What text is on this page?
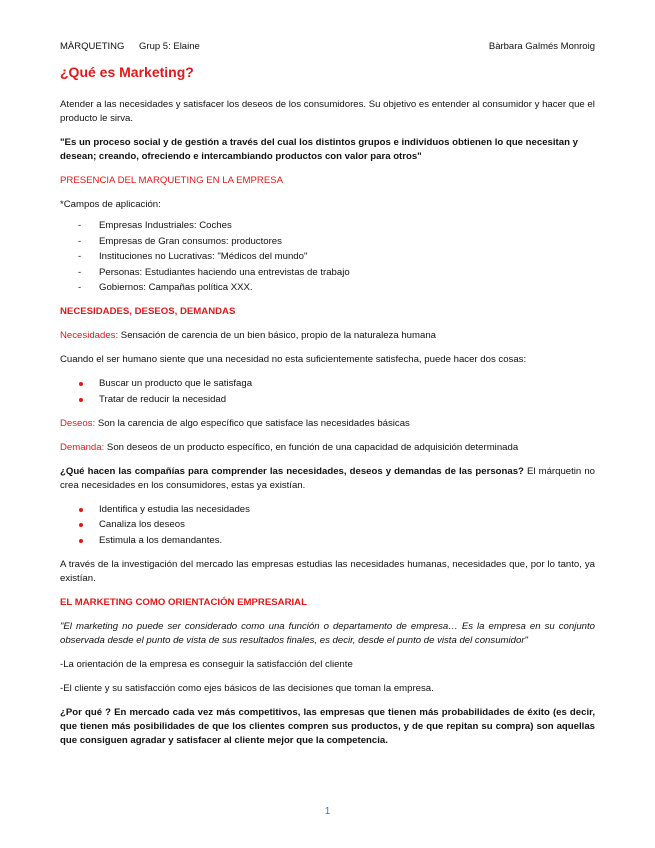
MÀRQUETING Grup 5: Elaine	Bàrbara Galmés Monroig
¿Qué es Marketing?

Atender a las necesidades y satisfacer los deseos de los consumidores. Su objetivo es entender al consumidor y hacer que el producto le sirva.

"Es un proceso social y de gestión a través del cual los distintos grupos e individuos obtienen lo que necesitan y desean; creando, ofreciendo e intercambiando productos con valor para otros"

PRESENCIA DEL MARQUETING EN LA EMPRESA

*Campos de aplicación:

- Empresas Industriales: Coches
- Empresas de Gran consumos: productores
- Instituciones no Lucrativas: "Médicos del mundo"
- Personas: Estudiantes haciendo una entrevistas de trabajo
- Gobiernos: Campañas política XXX.

NECESIDADES, DESEOS, DEMANDAS

Necesidades: Sensación de carencia de un bien básico, propio de la naturaleza humana

Cuando el ser humano siente que una necesidad no esta suficientemente satisfecha, puede hacer dos cosas:

Buscar un producto que le satisfaga
Tratar de reducir la necesidad

Deseos: Son la carencia de algo específico que satisface las necesidades básicas

Demanda: Son deseos de un producto específico, en función de una capacidad de adquisición determinada

¿Qué hacen las compañías para comprender las necesidades, deseos y demandas de las personas? El márquetin no crea necesidades en los consumidores, estas ya existían.

Identifica y estudia las necesidades
Canaliza los deseos
Estimula a los demandantes.

A través de la investigación del mercado las empresas estudias las necesidades humanas, necesidades que, por lo tanto, ya existían.

EL MARKETING COMO ORIENTACIÓN EMPRESARIAL

"El marketing no puede ser considerado como una función o departamento de empresa… Es la empresa en su conjunto observada desde el punto de vista de sus resultados finales, es decir, desde el punto de vista del consumidor"

-La orientación de la empresa es conseguir la satisfacción del cliente

-El cliente y su satisfacción como ejes básicos de las decisiones que toman la empresa.

¿Por qué ? En mercado cada vez más competitivos, las empresas que tienen más probabilidades de éxito (es decir, que tienen más posibilidades de que los clientes compren sus productos, y de que repitan su compra) son aquellas que consiguen agradar y satisfacer al cliente mejor que la competencia.

1
